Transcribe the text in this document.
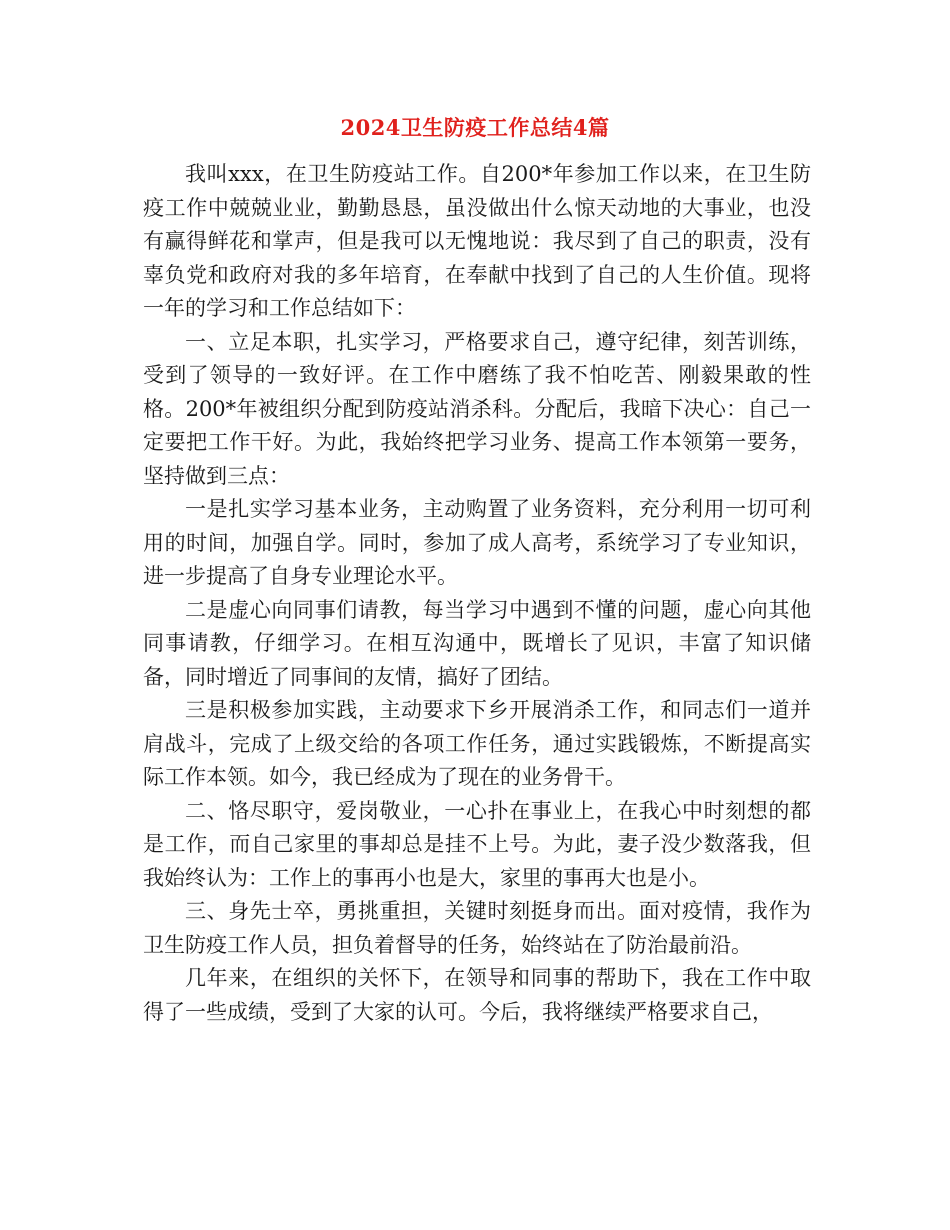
2024卫生防疫工作总结4篇

我叫xxx，在卫生防疫站工作。自200*年参加工作以来，在卫生防疫工作中兢兢业业，勤勤恳恳，虽没做出什么惊天动地的大事业，也没有赢得鲜花和掌声，但是我可以无愧地说：我尽到了自己的职责，没有辜负党和政府对我的多年培育，在奉献中找到了自己的人生价值。现将一年的学习和工作总结如下：

一、立足本职，扎实学习，严格要求自己，遵守纪律，刻苦训练，受到了领导的一致好评。在工作中磨练了我不怕吃苦、刚毅果敢的性格。200*年被组织分配到防疫站消杀科。分配后，我暗下决心：自己一定要把工作干好。为此，我始终把学习业务、提高工作本领第一要务，坚持做到三点：

一是扎实学习基本业务，主动购置了业务资料，充分利用一切可利用的时间，加强自学。同时，参加了成人高考，系统学习了专业知识，进一步提高了自身专业理论水平。

二是虚心向同事们请教，每当学习中遇到不懂的问题，虚心向其他同事请教，仔细学习。在相互沟通中，既增长了见识，丰富了知识储备，同时增近了同事间的友情，搞好了团结。

三是积极参加实践，主动要求下乡开展消杀工作，和同志们一道并肩战斗，完成了上级交给的各项工作任务，通过实践锻炼，不断提高实际工作本领。如今，我已经成为了现在的业务骨干。

二、恪尽职守，爱岗敬业，一心扑在事业上，在我心中时刻想的都是工作，而自己家里的事却总是挂不上号。为此，妻子没少数落我，但我始终认为：工作上的事再小也是大，家里的事再大也是小。

三、身先士卒，勇挑重担，关键时刻挺身而出。面对疫情，我作为卫生防疫工作人员，担负着督导的任务，始终站在了防治最前沿。

几年来，在组织的关怀下，在领导和同事的帮助下，我在工作中取得了一些成绩，受到了大家的认可。今后，我将继续严格要求自己，
